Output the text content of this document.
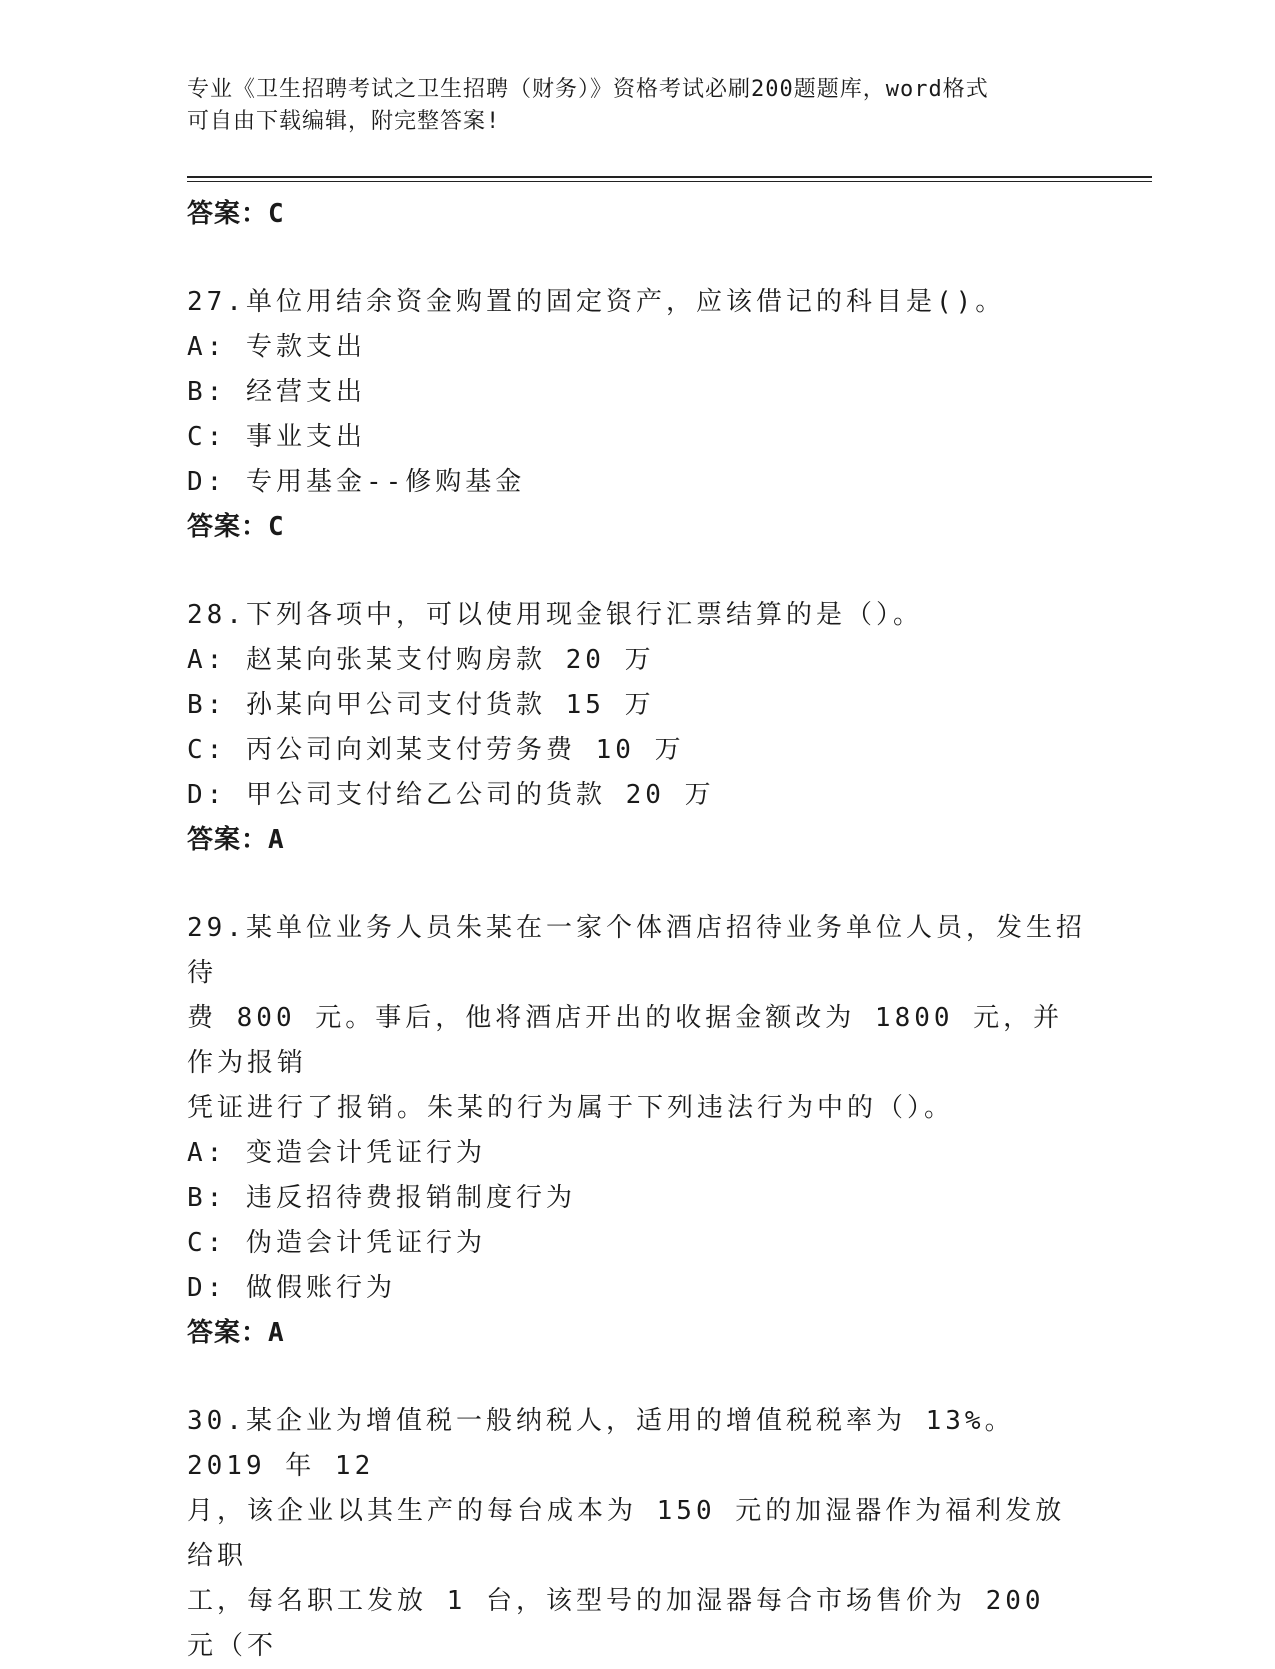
专业《卫生招聘考试之卫生招聘（财务）》资格考试必刷200题题库，word格式
可自由下载编辑，附完整答案!
答案：C
27.单位用结余资金购置的固定资产，应该借记的科目是()。
A: 专款支出
B: 经营支出
C: 事业支出
D: 专用基金--修购基金
答案：C
28.下列各项中，可以使用现金银行汇票结算的是（）。
A: 赵某向张某支付购房款 20 万
B: 孙某向甲公司支付货款 15 万
C: 丙公司向刘某支付劳务费 10 万
D: 甲公司支付给乙公司的货款 20 万
答案：A
29.某单位业务人员朱某在一家个体酒店招待业务单位人员，发生招待
费 800 元。事后，他将酒店开出的收据金额改为 1800 元，并作为报销
凭证进行了报销。朱某的行为属于下列违法行为中的（）。
A: 变造会计凭证行为
B: 违反招待费报销制度行为
C: 伪造会计凭证行为
D: 做假账行为
答案：A
30.某企业为增值税一般纳税人，适用的增值税税率为 13%。2019 年 12
月，该企业以其生产的每台成本为 150 元的加湿器作为福利发放给职
工，每名职工发放 1 台，该型号的加湿器每合市场售价为 200 元（不
